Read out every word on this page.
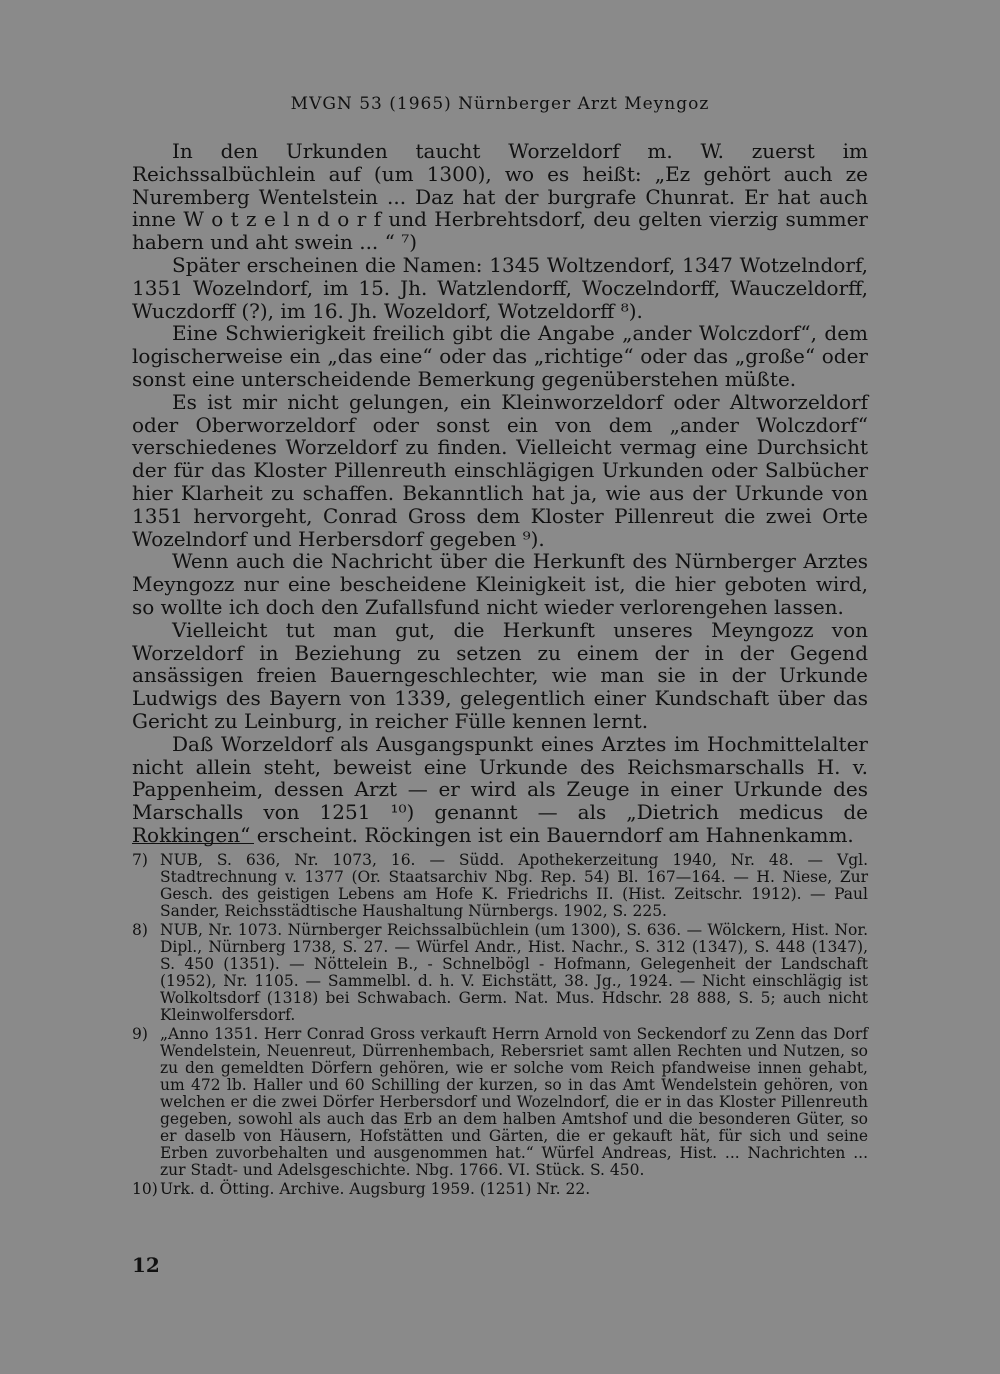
MVGN 53 (1965) Nürnberger Arzt Meyngoz

In den Urkunden taucht Worzeldorf m. W. zuerst im Reichssalbüchlein auf (um 1300), wo es heißt: „Ez gehört auch ze Nuremberg Wentelstein ... Daz hat der burgrafe Chunrat. Er hat auch inne W o t z e l n d o r f und Herbrehtsdorf, deu gelten vierzig summer habern und aht swein ... “ ⁷)

Später erscheinen die Namen: 1345 Woltzendorf, 1347 Wotzelndorf, 1351 Wozelndorf, im 15. Jh. Watzlendorff, Woczelndorff, Wauczeldorff, Wuczdorff (?), im 16. Jh. Wozeldorf, Wotzeldorff ⁸).

Eine Schwierigkeit freilich gibt die Angabe „ander Wolczdorf“, dem logischerweise ein „das eine“ oder das „richtige“ oder das „große“ oder sonst eine unterscheidende Bemerkung gegenüberstehen müßte.

Es ist mir nicht gelungen, ein Kleinworzeldorf oder Altworzeldorf oder Oberworzeldorf oder sonst ein von dem „ander Wolczdorf“ verschiedenes Worzeldorf zu finden. Vielleicht vermag eine Durchsicht der für das Kloster Pillenreuth einschlägigen Urkunden oder Salbücher hier Klarheit zu schaffen. Bekanntlich hat ja, wie aus der Urkunde von 1351 hervorgeht, Conrad Gross dem Kloster Pillenreut die zwei Orte Wozelndorf und Herbersdorf gegeben ⁹).

Wenn auch die Nachricht über die Herkunft des Nürnberger Arztes Meyngozz nur eine bescheidene Kleinigkeit ist, die hier geboten wird, so wollte ich doch den Zufallsfund nicht wieder verlorengehen lassen.

Vielleicht tut man gut, die Herkunft unseres Meyngozz von Worzeldorf in Beziehung zu setzen zu einem der in der Gegend ansässigen freien Bauerngeschlechter, wie man sie in der Urkunde Ludwigs des Bayern von 1339, gelegentlich einer Kundschaft über das Gericht zu Leinburg, in reicher Fülle kennen lernt.

Daß Worzeldorf als Ausgangspunkt eines Arztes im Hochmittelalter nicht allein steht, beweist eine Urkunde des Reichsmarschalls H. v. Pappenheim, dessen Arzt — er wird als Zeuge in einer Urkunde des Marschalls von 1251 ¹⁰) genannt — als „Dietrich medicus de Rokkingen“ erscheint. Röckingen ist ein Bauerndorf am Hahnenkamm.

7) NUB, S. 636, Nr. 1073, 16. — Südd. Apothekerzeitung 1940, Nr. 48. — Vgl. Stadtrechnung v. 1377 (Or. Staatsarchiv Nbg. Rep. 54) Bl. 167—164. — H. Niese, Zur Gesch. des geistigen Lebens am Hofe K. Friedrichs II. (Hist. Zeitschr. 1912). — Paul Sander, Reichsstädtische Haushaltung Nürnbergs. 1902, S. 225.
8) NUB, Nr. 1073. Nürnberger Reichssalbüchlein (um 1300), S. 636. — Wölckern, Hist. Nor. Dipl., Nürnberg 1738, S. 27. — Würfel Andr., Hist. Nachr., S. 312 (1347), S. 448 (1347), S. 450 (1351). — Nöttelein B., - Schnelbögl - Hofmann, Gelegenheit der Landschaft (1952), Nr. 1105. — Sammelbl. d. h. V. Eichstätt, 38. Jg., 1924. — Nicht einschlägig ist Wolkoltsdorf (1318) bei Schwabach. Germ. Nat. Mus. Hdschr. 28 888, S. 5; auch nicht Kleinwolfersdorf.
9) „Anno 1351. Herr Conrad Gross verkauft Herrn Arnold von Seckendorf zu Zenn das Dorf Wendelstein, Neuenreut, Dürrenhembach, Rebersriet samt allen Rechten und Nutzen, so zu den gemeldten Dörfern gehören, wie er solche vom Reich pfandweise innen gehabt, um 472 lb. Haller und 60 Schilling der kurzen, so in das Amt Wendelstein gehören, von welchen er die zwei Dörfer Herbersdorf und Wozelndorf, die er in das Kloster Pillenreuth gegeben, sowohl als auch das Erb an dem halben Amtshof und die besonderen Güter, so er daselb von Häusern, Hofstätten und Gärten, die er gekauft hät, für sich und seine Erben zuvorbehalten und ausgenommen hat.“ Würfel Andreas, Hist. ... Nachrichten ... zur Stadt- und Adelsgeschichte. Nbg. 1766. VI. Stück. S. 450.
10) Urk. d. Ötting. Archive. Augsburg 1959. (1251) Nr. 22.
12
